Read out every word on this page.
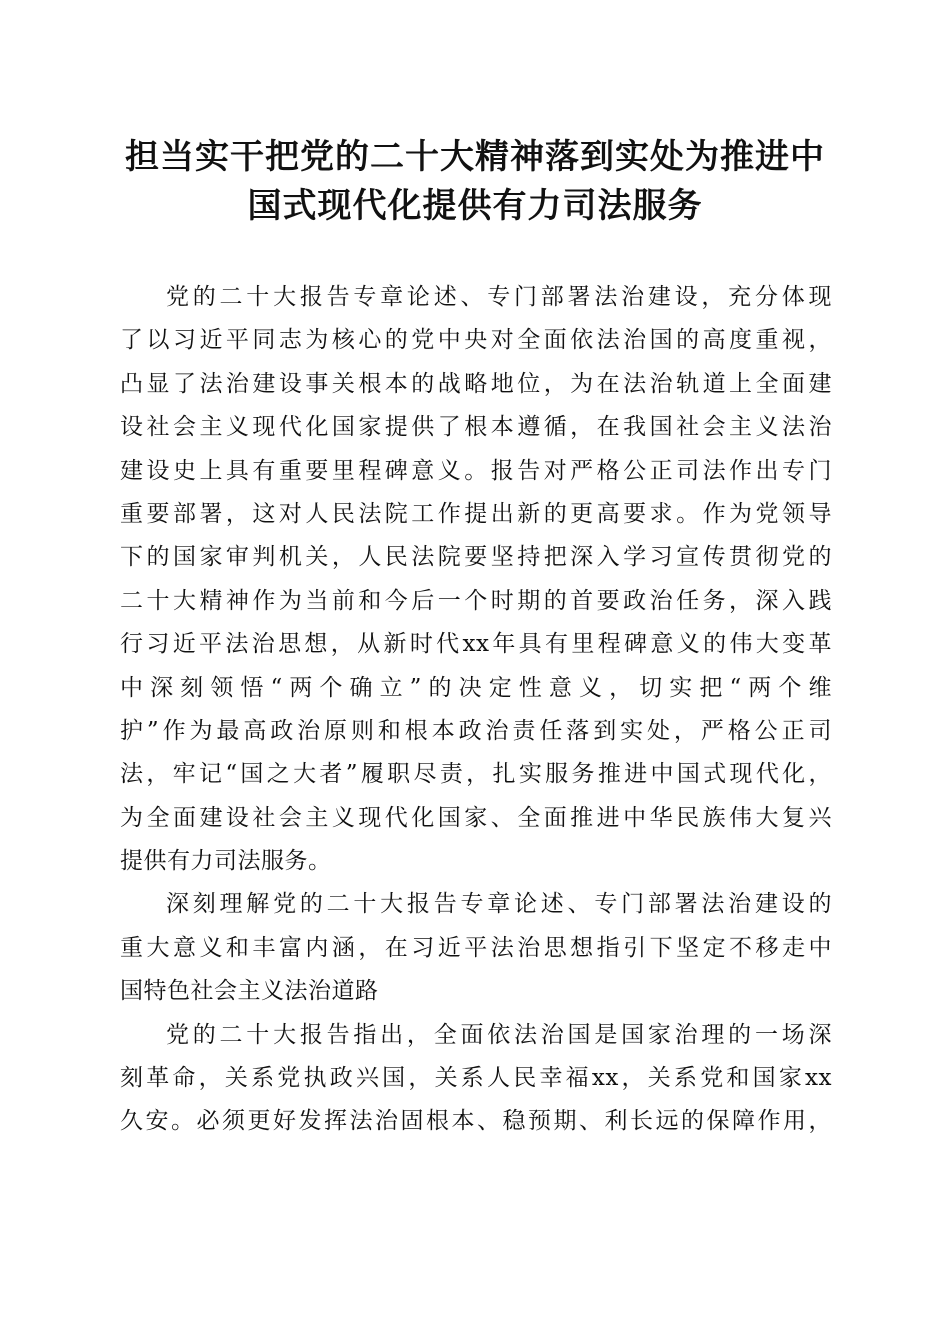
担当实干把党的二十大精神落到实处为推进中
国式现代化提供有力司法服务
党的二十大报告专章论述、专门部署法治建设，充分体现
了以习近平同志为核心的党中央对全面依法治国的高度重视，
凸显了法治建设事关根本的战略地位，为在法治轨道上全面建
设社会主义现代化国家提供了根本遵循，在我国社会主义法治
建设史上具有重要里程碑意义。报告对严格公正司法作出专门
重要部署，这对人民法院工作提出新的更高要求。作为党领导
下的国家审判机关，人民法院要坚持把深入学习宣传贯彻党的
二十大精神作为当前和今后一个时期的首要政治任务，深入践
行习近平法治思想，从新时代xx年具有里程碑意义的伟大变革
中深刻领悟“两个确立”的决定性意义，切实把“两个维
护”作为最高政治原则和根本政治责任落到实处，严格公正司
法，牢记“国之大者”履职尽责，扎实服务推进中国式现代化，
为全面建设社会主义现代化国家、全面推进中华民族伟大复兴
提供有力司法服务。
深刻理解党的二十大报告专章论述、专门部署法治建设的
重大意义和丰富内涵，在习近平法治思想指引下坚定不移走中
国特色社会主义法治道路
党的二十大报告指出，全面依法治国是国家治理的一场深
刻革命，关系党执政兴国，关系人民幸福xx，关系党和国家xx
久安。必须更好发挥法治固根本、稳预期、利长远的保障作用，
